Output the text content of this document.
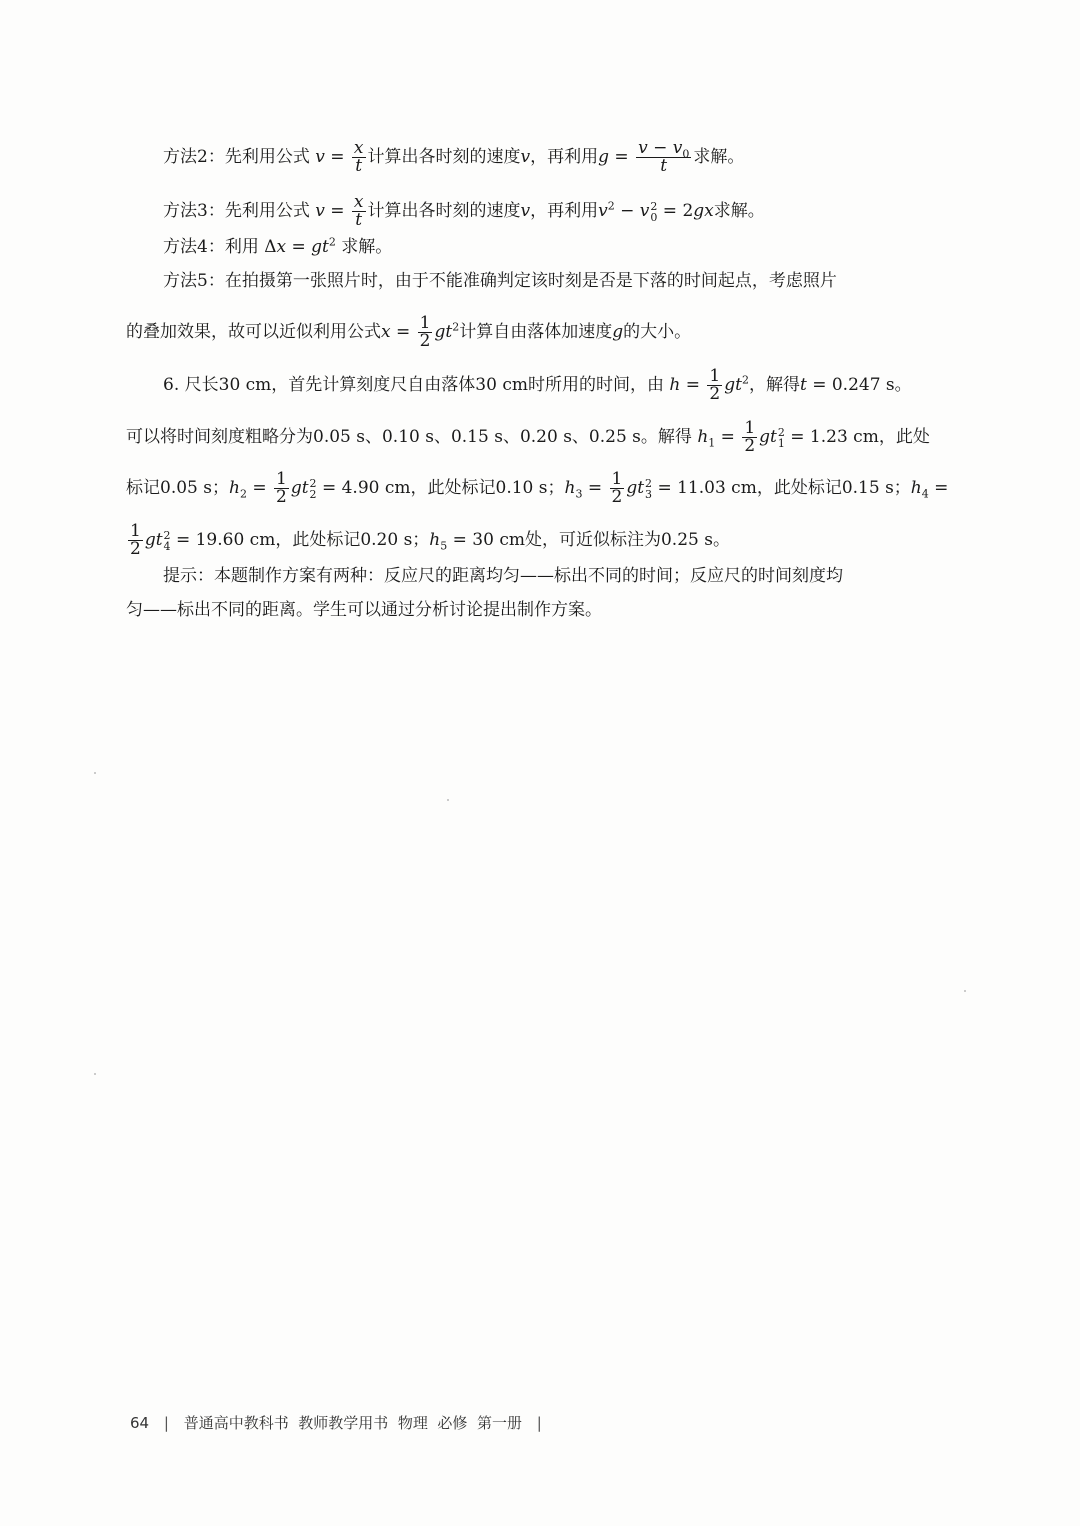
方法2：先利用公式 $v = \frac{x}{t}$ 计算出各时刻的速度v，再利用$g = \frac{v - v_0}{t}$ 求解。
方法3：先利用公式 $v = \frac{x}{t}$ 计算出各时刻的速度v，再利用$v^2 - v$ 2
0 = 2gx求解。
方法4：利用 $\Delta x = gt^2$ 求解。
方法5：在拍摄第一张照片时，由于不能准确判定该时刻是否是下落的时间起点，考虑照片
的叠加效果，故可以近似利用公式$x = \frac{1}{2} gt^2$计算自由落体加速度g的大小。
6. 尺长30 cm，首先计算刻度尺自由落体30 cm时所用的时间，由 $h = \frac{1}{2} gt^2$，解得t = 0.247 s。
可以将时间刻度粗略分为0.05 s、0.10 s、0.15 s、0.20 s、0.25 s。解得 $h_1 = \frac{1}{2}$ gt 2
1 = 1.23 cm，此处
标记0.05 s；$h_2 = \frac{1}{2}$ gt 2
2 = 4.90 cm，此处标记0.10 s；$h_3 = \frac{1}{2}$ gt 2
3 = 11.03 cm，此处标记0.15 s；$h_4$ =
$\frac{1}{2}$ gt 2
4 = 19.60 cm，此处标记0.20 s；$h_5 = 30$ cm处，可近似标注为0.25 s。
提示：本题制作方案有两种：反应尺的距离均匀——标出不同的时间；反应尺的时间刻度均
匀——标出不同的距离。学生可以通过分析讨论提出制作方案。
64 | 普通高中教科书 教师教学用书 物理 必修 第一册 |
